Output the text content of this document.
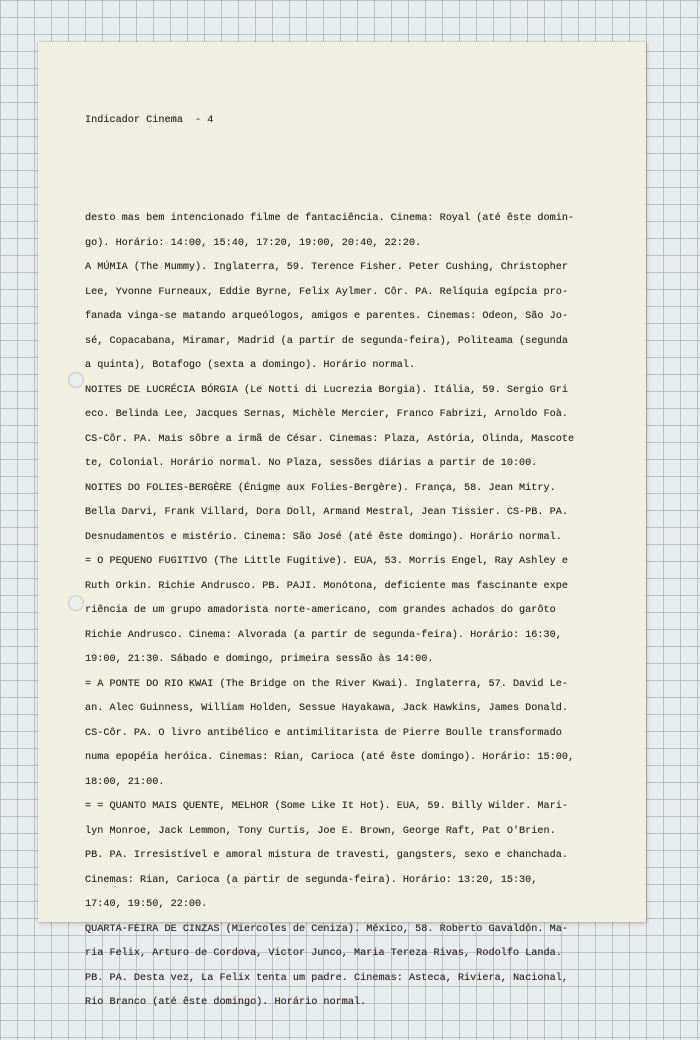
Indicador Cinema  - 4

desto mas bem intencionado filme de fantaciência. Cinema: Royal (até êste domin-
go). Horário: 14:00, 15:40, 17:20, 19:00, 20:40, 22:20.
A MÚMIA (The Mummy). Inglaterra, 59. Terence Fisher. Peter Cushing, Christopher
Lee, Yvonne Furneaux, Eddie Byrne, Felix Aylmer. Côr. PA. Relíquia egípcia pro-
fanada vinga-se matando arqueólogos, amigos e parentes. Cinemas: Odeon, São Jo-
sé, Copacabana, Miramar, Madrid (a partir de segunda-feira), Politeama (segunda
a quinta), Botafogo (sexta a domingo). Horário normal.
NOITES DE LUCRÉCIA BÓRGIA (Le Notti di Lucrezia Borgia). Itália, 59. Sergio Gri
eco. Belinda Lee, Jacques Sernas, Michèle Mercier, Franco Fabrizi, Arnoldo Foà.
CS-Côr. PA. Mais sôbre a irmã de César. Cinemas: Plaza, Astória, Olinda, Mascote
te, Colonial. Horário normal. No Plaza, sessões diárias a partir de 10:00.
NOITES DO FOLIES-BERGÈRE (Énigme aux Folies-Bergère). França, 58. Jean Mitry.
Bella Darvi, Frank Villard, Dora Doll, Armand Mestral, Jean Tissier. CS-PB. PA.
Desnudamentos e mistério. Cinema: São José (até êste domingo). Horário normal.
= O PEQUENO FUGITIVO (The Little Fugitive). EUA, 53. Morris Engel, Ray Ashley e
Ruth Orkin. Richie Andrusco. PB. PAJI. Monótona, deficiente mas fascinante expe
riência de um grupo amadorista norte-americano, com grandes achados do garôto
Richie Andrusco. Cinema: Alvorada (a partir de segunda-feira). Horário: 16:30,
19:00, 21:30. Sábado e domingo, primeira sessão às 14:00.
= A PONTE DO RIO KWAI (The Bridge on the River Kwai). Inglaterra, 57. David Le-
an. Alec Guinness, William Holden, Sessue Hayakawa, Jack Hawkins, James Donald.
CS-Côr. PA. O livro antibélico e antimilitarista de Pierre Boulle transformado
numa epopéia heróica. Cinemas: Rian, Carioca (até êste domingo). Horário: 15:00,
18:00, 21:00.
= = QUANTO MAIS QUENTE, MELHOR (Some Like It Hot). EUA, 59. Billy Wilder. Mari-
lyn Monroe, Jack Lemmon, Tony Curtis, Joe E. Brown, George Raft, Pat O'Brien.
PB. PA. Irresistível e amoral mistura de travesti, gangsters, sexo e chanchada.
Cinemas: Rian, Carioca (a partir de segunda-feira). Horário: 13:20, 15:30,
17:40, 19:50, 22:00.
QUARTA-FEIRA DE CINZAS (Miercoles de Ceniza). México, 58. Roberto Gavaldón. Ma-
ria Felix, Arturo de Cordova, Victor Junco, Maria Tereza Rivas, Rodolfo Landa.
PB. PA. Desta vez, La Felix tenta um padre. Cinemas: Asteca, Riviera, Nacional,
Rio Branco (até êste domingo). Horário normal.
